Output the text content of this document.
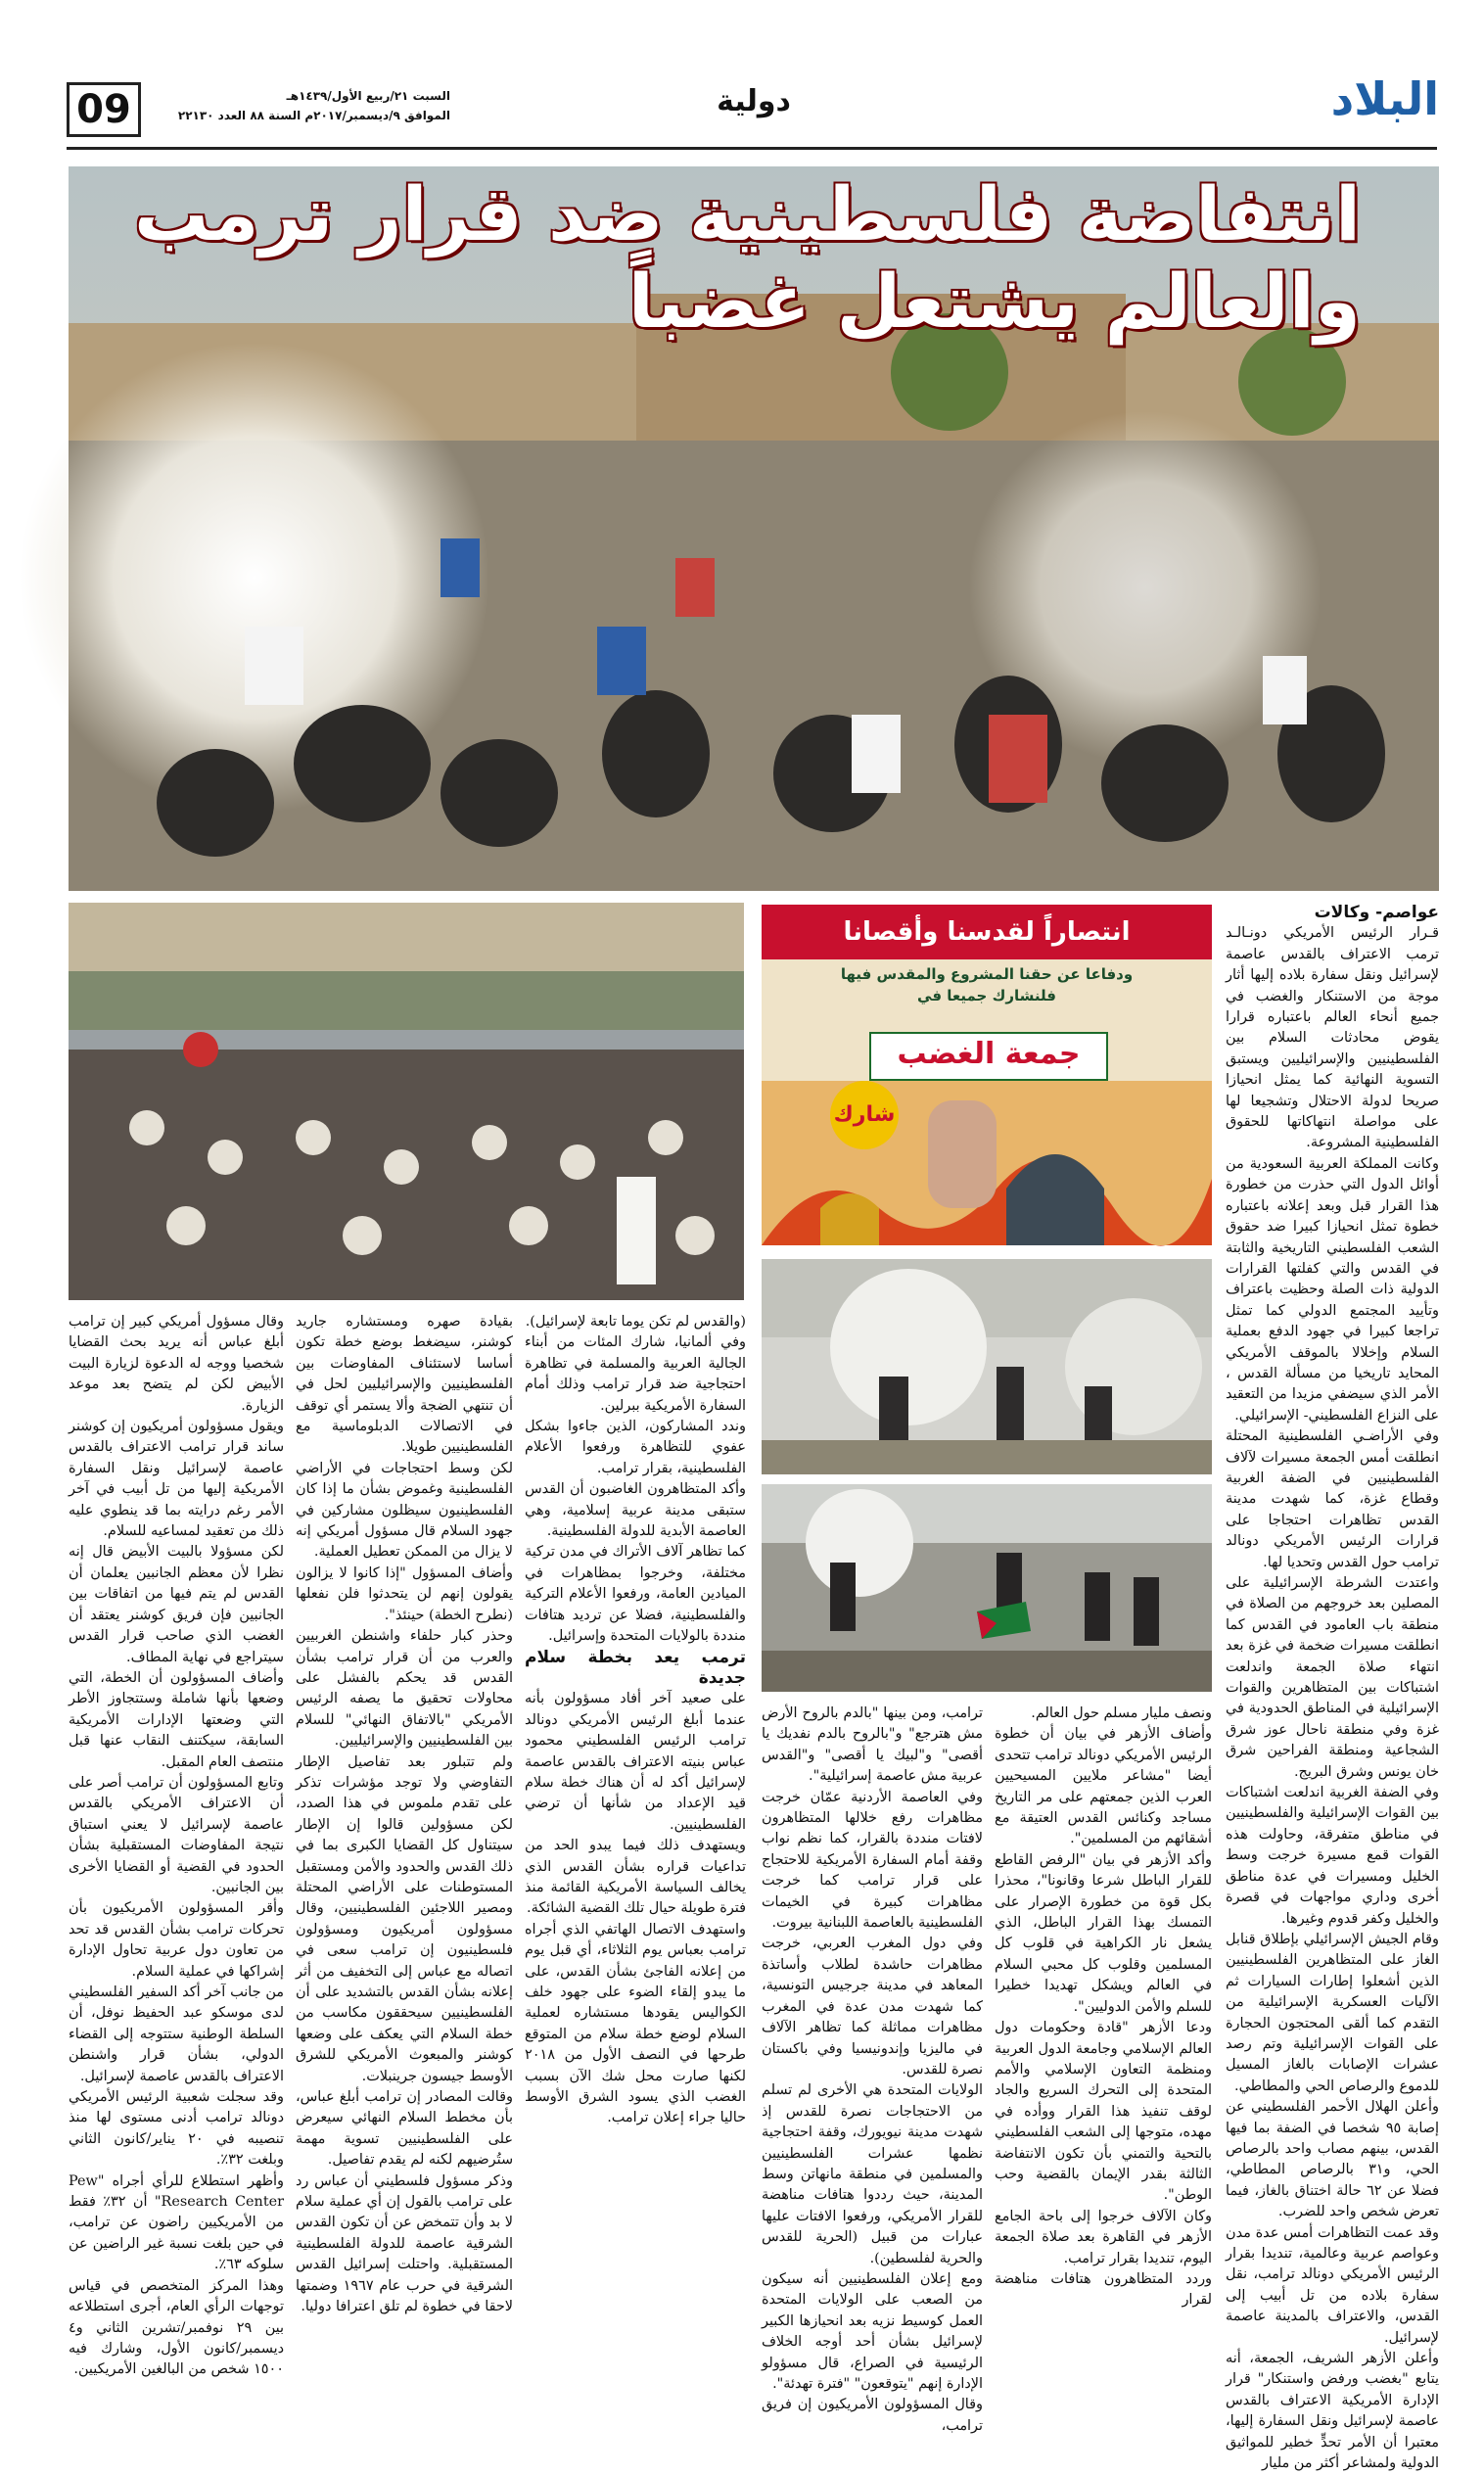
09	السبت ٢١/ربيع الأول/١٤٣٩هـ
الموافق ٩/ديسمبر/٢٠١٧م السنة ٨٨ العدد ٢٢١٣٠	دولية	البلاد
انتفاضة فلسطينية ضد قرار ترمب والعالم يشتعل غضباً
انتصاراً لقدسنا وأقصانا
ودفاعا عن حقنا المشروع والمقدس فيها فلنشارك جميعا في
جمعة الغضب
شارك

عواصم- وكالات

قـرار الرئيس الأمريكي دونـالـد ترمب الاعتراف بالقدس عاصمة لإسرائيل ونقل سفارة بلاده إليها أثار موجة من الاستنكار والغضب في جميع أنحاء العالم باعتباره قرارا يقوض محادثات السلام بين الفلسطينيين والإسرائيليين ويستبق التسوية النهائية كما يمثل انحيازا صريحا لدولة الاحتلال وتشجيعا لها على مواصلة انتهاكاتها للحقوق الفلسطينية المشروعة.

وكانت المملكة العربية السعودية من أوائل الدول التي حذرت من خطورة هذا القرار قبل وبعد إعلانه باعتباره خطوة تمثل انحيازا كبيرا ضد حقوق الشعب الفلسطيني التاريخية والثابتة في القدس والتي كفلتها القرارات الدولية ذات الصلة وحظيت باعتراف وتأييد المجتمع الدولي كما تمثل تراجعا كبيرا في جهود الدفع بعملية السلام وإخلالا بالموقف الأمريكي المحايد تاريخيا من مسألة القدس ، الأمر الذي سيضفي مزيدا من التعقيد على النزاع الفلسطيني- الإسرائيلي.

وفي الأراضـي الفلسطينية المحتلة انطلقت أمس الجمعة مسيرات لآلاف الفلسطينيين في الضفة الغربية وقطاع غزة، كما شهدت مدينة القدس تظاهرات احتجاجا على قرارات الرئيس الأمريكي دونالد ترامب حول القدس وتحديا لها.

واعتدت الشرطة الإسرائيلية على المصلين بعد خروجهم من الصلاة في منطقة باب العامود في القدس كما انطلقت مسيرات ضخمة في غزة بعد انتهاء صلاة الجمعة واندلعت اشتباكات بين المتظاهرين والقوات الإسرائيلية في المناطق الحدودية في غزة وفي منطقة ناحال عوز شرق الشجاعية ومنطقة الفراحين شرق خان يونس وشرق البريج.

وفي الضفة الغربية اندلعت اشتباكات بين القوات الإسرائيلية والفلسطينيين في مناطق متفرقة، وحاولت هذه القوات قمع مسيرة خرجت وسط الخليل ومسيرات في عدة مناطق أخرى وداري مواجهات في قصرة والخليل وكفر قدوم وغيرها.

وقام الجيش الإسرائيلي بإطلاق قنابل الغاز على المتظاهرين الفلسطينيين الذين أشعلوا إطارات السيارات ثم الآليات العسكرية الإسرائيلية من التقدم كما ألقى المحتجون الحجارة على القوات الإسرائيلية وتم رصد عشرات الإصابات بالغاز المسيل للدموع والرصاص الحي والمطاطي.

وأعلن الهلال الأحمر الفلسطيني عن إصابة ٩٥ شخصا في الضفة بما فيها القدس، بينهم مصاب واحد بالرصاص الحي، و٣١ بالرصاص المطاطي، فضلا عن ٦٢ حالة اختناق بالغاز، فيما تعرض شخص واحد للضرب.

وقد عمت التظاهرات أمس عدة مدن وعواصم عربية وعالمية، تنديدا بقرار الرئيس الأمريكي دونالد ترامب، نقل سفارة بلاده من تل أبيب إلى القدس، والاعتراف بالمدينة عاصمة لإسرائيل.

وأعلن الأزهر الشريف، الجمعة، أنه يتابع "بغضب ورفض واستنكار" قرار الإدارة الأمريكية الاعتراف بالقدس عاصمة لإسرائيل ونقل السفارة إليها، معتبرا أن الأمر تحدٍّ خطير للمواثيق الدولية ولمشاعر أكثر من مليار

ونصف مليار مسلم حول العالم.

وأضاف الأزهر في بيان أن خطوة الرئيس الأمريكي دونالد ترامب تتحدى أيضا "مشاعر ملايين المسيحيين العرب الذين جمعتهم على مر التاريخ مساجد وكنائس القدس العتيقة مع أشقائهم من المسلمين".

وأكد الأزهر في بيان "الرفض القاطع للقرار الباطل شرعا وقانونا"، محذرا بكل قوة من خطورة الإصرار على التمسك بهذا القرار الباطل، الذي يشعل نار الكراهية في قلوب كل المسلمين وقلوب كل محبي السلام في العالم ويشكل تهديدا خطيرا للسلم والأمن الدوليين".

ودعا الأزهر "قادة وحكومات دول العالم الإسلامي وجامعة الدول العربية ومنظمة التعاون الإسلامي والأمم المتحدة إلى التحرك السريع والجاد لوقف تنفيذ هذا القرار ووأده في مهده، متوجها إلى الشعب الفلسطيني بالتحية والتمني بأن تكون الانتفاضة الثالثة بقدر الإيمان بالقضية وحب الوطن".

وكان الآلاف خرجوا إلى باحة الجامع الأزهر في القاهرة بعد صلاة الجمعة اليوم، تنديدا بقرار ترامب.

وردد المتظاهرون هتافات مناهضة لقرار

ترامب، ومن بينها "بالدم بالروح الأرض مش هترجع" و"بالروح بالدم نفديك يا أقصى" و"لبيك يا أقصى" و"القدس عربية مش عاصمة إسرائيلية".

وفي العاصمة الأردنية عمّان خرجت مظاهرات رفع خلالها المتظاهرون لافتات منددة بالقرار، كما نظم نواب وقفة أمام السفارة الأمريكية للاحتجاج على قرار ترامب كما خرجت مظاهرات كبيرة في الخيمات الفلسطينية بالعاصمة اللبنانية بيروت.

وفي دول المغرب العربي، خرجت مظاهرات حاشدة لطلاب وأساتذة المعاهد في مدينة جرجيس التونسية، كما شهدت مدن عدة في المغرب مظاهرات مماثلة كما تظاهر الآلاف في ماليزيا وإندونيسيا وفي باكستان نصرة للقدس.

الولايات المتحدة هي الأخرى لم تسلم من الاحتجاجات نصرة للقدس إذ شهدت مدينة نيويورك، وقفة احتجاجية نظمها عشرات الفلسطينيين والمسلمين في منطقة مانهاتن وسط المدينة، حيث رددوا هتافات مناهضة للقرار الأمريكي، ورفعوا الافتات عليها عبارات من قبيل (الحرية للقدس والحرية لفلسطين).

ومع إعلان الفلسطينيين أنه سيكون من الصعب على الولايات المتحدة العمل كوسيط نزيه بعد انحيازها الكبير لإسرائيل بشأن أحد أوجه الخلاف الرئيسية في الصراع، قال مسؤولو الإدارة إنهم "يتوقعون" "فترة تهدئة".

وقال المسؤولون الأمريكيون إن فريق ترامب،

(والقدس لم تكن يوما تابعة لإسرائيل).

وفي ألمانيا، شارك المئات من أبناء الجالية العربية والمسلمة في تظاهرة احتجاجية ضد قرار ترامب وذلك أمام السفارة الأمريكية ببرلين.

وندد المشاركون، الذين جاءوا بشكل عفوي للتظاهرة ورفعوا الأعلام الفلسطينية، بقرار ترامب.

وأكد المتظاهرون الغاضبون أن القدس ستبقى مدينة عربية إسلامية، وهي العاصمة الأبدية للدولة الفلسطينية.

كما تظاهر آلاف الأتراك في مدن تركية مختلفة، وخرجوا بمظاهرات في الميادين العامة، ورفعوا الأعلام التركية والفلسطينية، فضلا عن ترديد هتافات منددة بالولايات المتحدة وإسرائيل.

ترمب يعد بخطة سلام جديدة

على صعيد آخر أفاد مسؤولون بأنه عندما أبلغ الرئيس الأمريكي دونالد ترامب الرئيس الفلسطيني محمود عباس بنيته الاعتراف بالقدس عاصمة لإسرائيل أكد له أن هناك خطة سلام قيد الإعداد من شأنها أن ترضي الفلسطينيين.

ويستهدف ذلك فيما يبدو الحد من تداعيات قراره بشأن القدس الذي يخالف السياسة الأمريكية القائمة منذ فترة طويلة حيال تلك القضية الشائكة.

واستهدف الاتصال الهاتفي الذي أجراه ترامب بعباس يوم الثلاثاء، أي قبل يوم من إعلانه الفاجئ بشأن القدس، على ما يبدو إلقاء الضوء على جهود خلف الكواليس يقودها مستشاره لعملية السلام لوضع خطة سلام من المتوقع طرحها في النصف الأول من ٢٠١٨ لكنها صارت محل شك الآن بسبب الغضب الذي يسود الشرق الأوسط حاليا جراء إعلان ترامب.

بقيادة صهره ومستشاره جاريد كوشنر، سيضغط بوضع خطة تكون أساسا لاستئناف المفاوضات بين الفلسطينيين والإسرائيليين لحل في أن تنتهي الضجة وألا يستمر أي توقف في الاتصالات الدبلوماسية مع الفلسطينيين طويلا.

لكن وسط احتجاجات في الأراضي الفلسطينية وغموض بشأن ما إذا كان الفلسطينيون سيظلون مشاركين في جهود السلام قال مسؤول أمريكي إنه لا يزال من الممكن تعطيل العملية.

وأضاف المسؤول "إذا كانوا لا يزالون يقولون إنهم لن يتحدثوا فلن نفعلها (نطرح الخطة) حينئذ".

وحذر كبار حلفاء واشنطن الغربيين والعرب من أن قرار ترامب بشأن القدس قد يحكم بالفشل على محاولات تحقيق ما يصفه الرئيس الأمريكي "بالاتفاق النهائي" للسلام بين الفلسطينيين والإسرائيليين.

ولم تتبلور بعد تفاصيل الإطار التفاوضي ولا توجد مؤشرات تذكر على تقدم ملموس في هذا الصدد، لكن مسؤولين قالوا إن الإطار سيتناول كل القضايا الكبرى بما في ذلك القدس والحدود والأمن ومستقبل المستوطنات على الأراضي المحتلة ومصير اللاجئين الفلسطينيين، وقال مسؤولون أمريكيون ومسؤولون فلسطينيون إن ترامب سعى في اتصاله مع عباس إلى التخفيف من أثر إعلانه بشأن القدس بالتشديد على أن الفلسطينيين سيحققون مكاسب من خطة السلام التي يعكف على وضعها كوشنر والمبعوث الأمريكي للشرق الأوسط جيسون جرينبلات.

وقالت المصادر إن ترامب أبلغ عباس، بأن مخطط السلام النهائي سيعرض على الفلسطينيين تسوية مهمة ستُرضيهم لكنه لم يقدم تفاصيل.

وذكر مسؤول فلسطيني أن عباس رد على ترامب بالقول إن أي عملية سلام لا بد وأن تتمخض عن أن تكون القدس الشرقية عاصمة للدولة الفلسطينية المستقبلية. واحتلت إسرائيل القدس الشرقية في حرب عام ١٩٦٧ وضمتها لاحقا في خطوة لم تلق اعترافا دوليا.

وقال مسؤول أمريكي كبير إن ترامب أبلغ عباس أنه يريد بحث القضايا شخصيا ووجه له الدعوة لزيارة البيت الأبيض لكن لم يتضح بعد موعد الزيارة.

ويقول مسؤولون أمريكيون إن كوشنر ساند قرار ترامب الاعتراف بالقدس عاصمة لإسرائيل ونقل السفارة الأمريكية إليها من تل أبيب في آخر الأمر رغم درايته بما قد ينطوي عليه ذلك من تعقيد لمساعيه للسلام.

لكن مسؤولا بالبيت الأبيض قال إنه نظرا لأن معظم الجانبين يعلمان أن القدس لم يتم فيها من اتفاقات بين الجانبين فإن فريق كوشنر يعتقد أن الغضب الذي صاحب قرار القدس سيتراجع في نهاية المطاف.

وأضاف المسؤولون أن الخطة، التي وضعها بأنها شاملة وستتجاوز الأطر التي وضعتها الإدارات الأمريكية السابقة، سيكتنف النقاب عنها قبل منتصف العام المقبل.

وتابع المسؤولون أن ترامب أصر على أن الاعتراف الأمريكي بالقدس عاصمة لإسرائيل لا يعني استباق نتيجة المفاوضات المستقبلية بشأن الحدود في القضية أو القضايا الأخرى بين الجانبين.

وأقر المسؤولون الأمريكيون بأن تحركات ترامب بشأن القدس قد تحد من تعاون دول عربية تحاول الإدارة إشراكها في عملية السلام.

من جانب آخر أكد السفير الفلسطيني لدى موسكو عبد الحفيظ نوفل، أن السلطة الوطنية ستتوجه إلى القضاء الدولي، بشأن قرار واشنطن الاعتراف بالقدس عاصمة لإسرائيل.

وقد سجلت شعبية الرئيس الأمريكي دونالد ترامب أدنى مستوى لها منذ تنصيبه في ٢٠ يناير/كانون الثاني وبلغت ٣٢٪.

وأظهر استطلاع للرأي أجراه "Pew Research Center" أن ٣٢٪ فقط من الأمريكيين راضون عن ترامب، في حين بلغت نسبة غير الراضين عن سلوكه ٦٣٪.

وهذا المركز المتخصص في قياس توجهات الرأي العام، أجرى استطلاعه بين ٢٩ نوفمبر/تشرين الثاني و٤ ديسمبر/كانون الأول، وشارك فيه ١٥٠٠ شخص من البالغين الأمريكيين.
